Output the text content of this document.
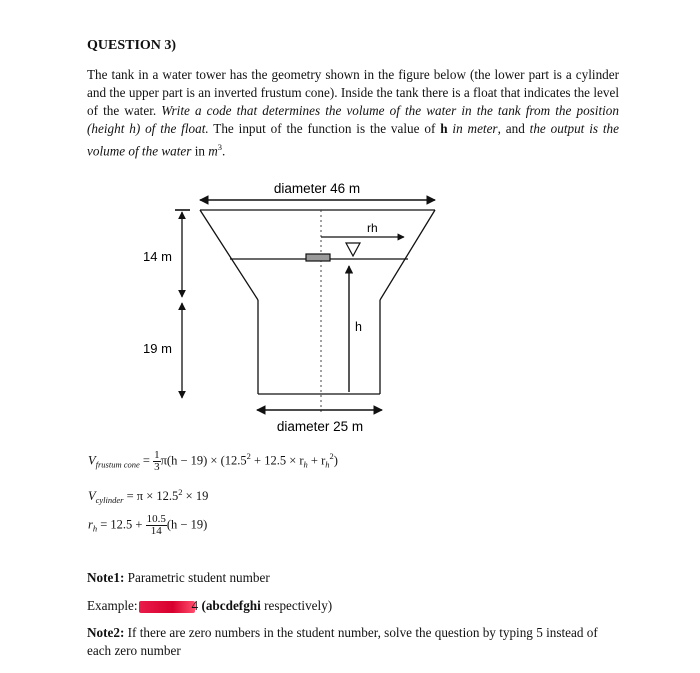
QUESTION 3)
The tank in a water tower has the geometry shown in the figure below (the lower part is a cylinder and the upper part is an inverted frustum cone). Inside the tank there is a float that indicates the level of the water. Write a code that determines the volume of the water in the tank from the position (height h) of the float. The input of the function is the value of h in meter, and the output is the volume of the water in $m^3$.
diameter 46 m
h
rh
14 m
19 m
diameter 25 m
$V_{frustum cone} = \frac{1}{3} \pi(h - 19) \times (12.5^2 + 12.5 \times r_h + r_h^2)$
$V_{cylinder} = \pi \times 12.5^2 \times 19$
$r_h = 12.5 + \frac{10.5}{14} (h - 19)$
Note1: Parametric student number
Example:	4 (abcdefghi respectively)
Note2: If there are zero numbers in the student number, solve the question by typing 5 instead of each zero number
